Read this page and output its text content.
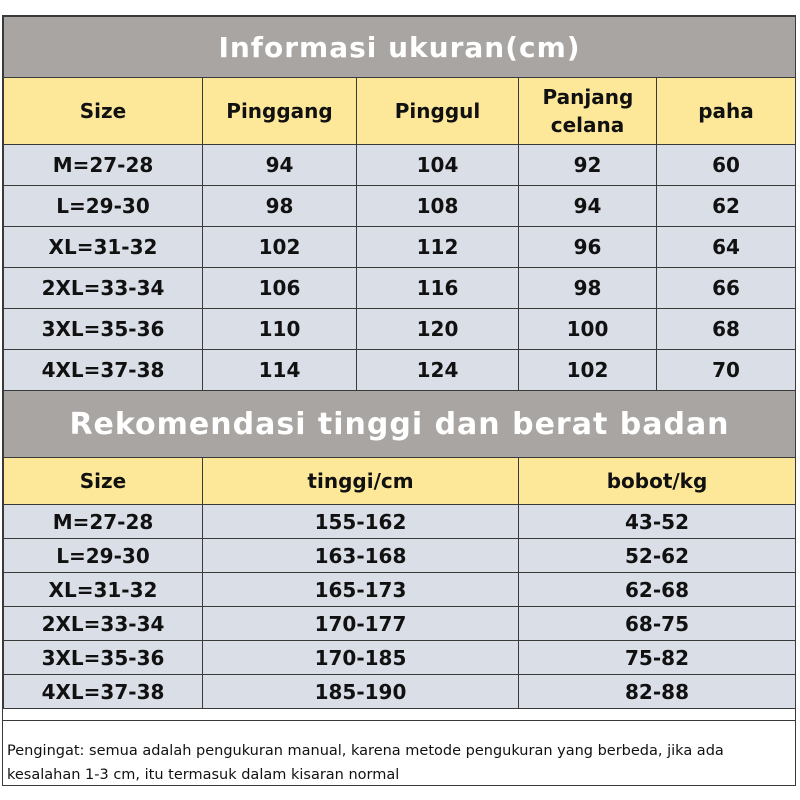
Informasi ukuran(cm)				
Size	Pinggang	Pinggul	Panjang celana	paha
M=27-28	94	104	92	60
L=29-30	98	108	94	62
XL=31-32	102	112	96	64
2XL=33-34	106	116	98	66
3XL=35-36	110	120	100	68
4XL=37-38	114	124	102	70
Rekomendasi tinggi dan berat badan		
Size	tinggi/cm	bobot/kg
M=27-28	155-162	43-52
L=29-30	163-168	52-62
XL=31-32	165-173	62-68
2XL=33-34	170-177	68-75
3XL=35-36	170-185	75-82
4XL=37-38	185-190	82-88
Pengingat: semua adalah pengukuran manual, karena metode pengukuran yang berbeda, jika ada kesalahan 1-3 cm, itu termasuk dalam kisaran normal
